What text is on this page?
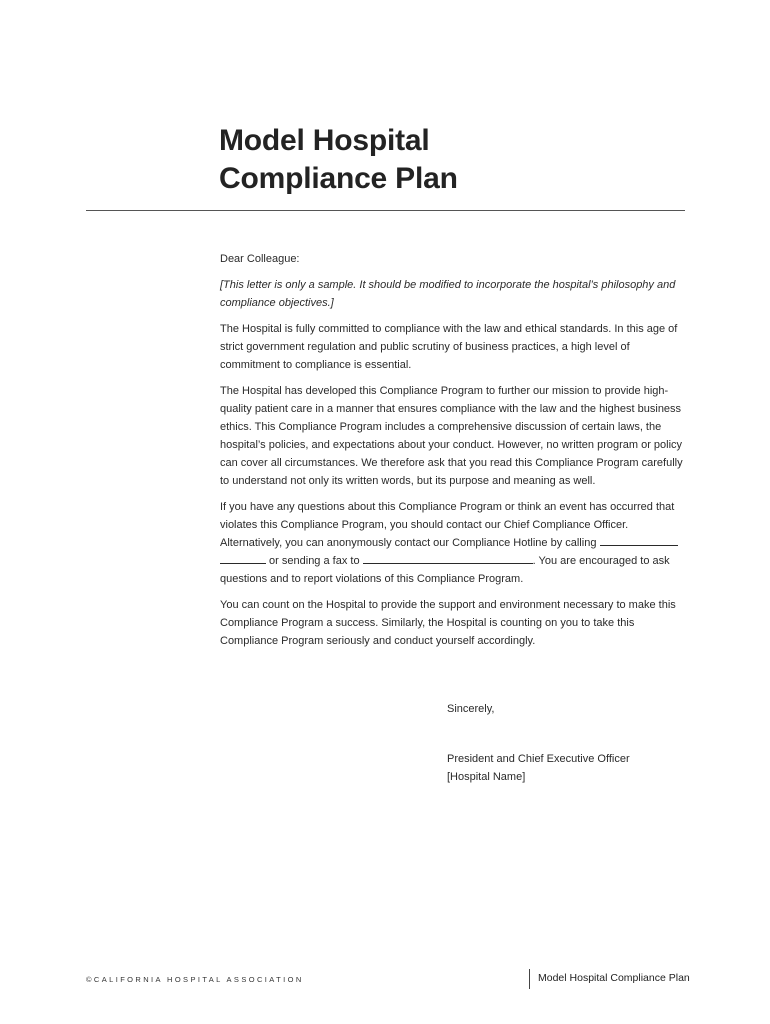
Model Hospital
Compliance Plan

Dear Colleague:

[This letter is only a sample. It should be modified to incorporate the hospital’s philosophy and compliance objectives.]

The Hospital is fully committed to compliance with the law and ethical standards. In this age of strict government regulation and public scrutiny of business practices, a high level of commitment to compliance is essential.

The Hospital has developed this Compliance Program to further our mission to provide high-quality patient care in a manner that ensures compliance with the law and the highest business ethics. This Compliance Program includes a comprehensive discussion of certain laws, the hospital’s policies, and expectations about your conduct. However, no written program or policy can cover all circumstances. We therefore ask that you read this Compliance Program carefully to understand not only its written words, but its purpose and meaning as well.

If you have any questions about this Compliance Program or think an event has occurred that violates this Compliance Program, you should contact our Chief Compliance Officer. Alternatively, you can anonymously contact our Compliance Hotline by calling
or sending a fax to	. You are encouraged to ask questions and to report violations of this Compliance Program.

You can count on the Hospital to provide the support and environment necessary to make this Compliance Program a success. Similarly, the Hospital is counting on you to take this Compliance Program seriously and conduct yourself accordingly.

Sincerely,
President and Chief Executive Officer
[Hospital Name]
©CALIFORNIA HOSPITAL ASSOCIATION	Model Hospital Compliance Plan
